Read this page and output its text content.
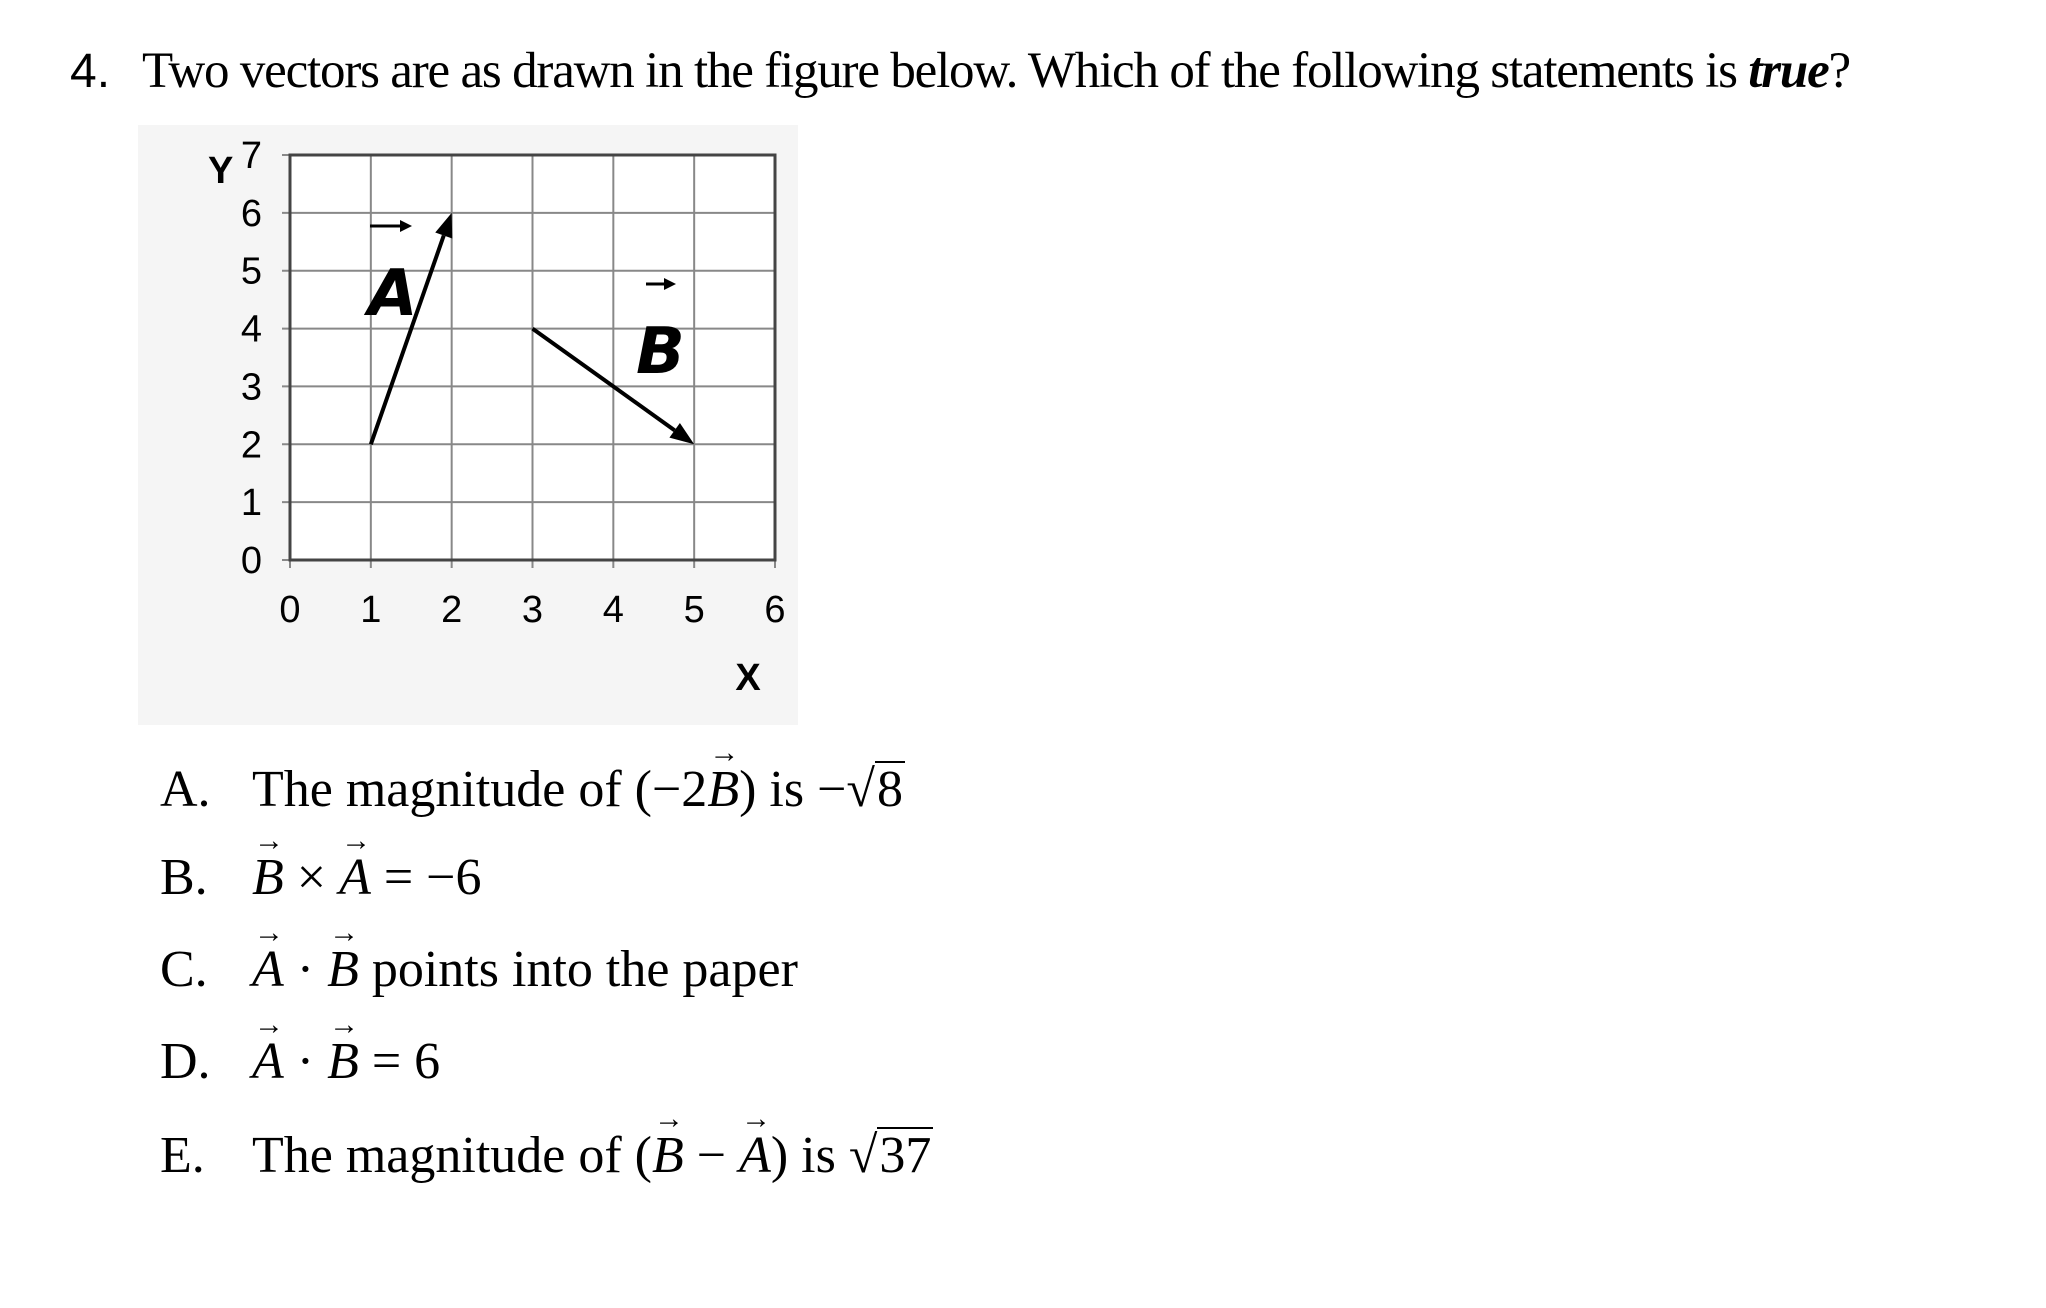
4. Two vectors are as drawn in the figure below. Which of the following statements is true?
0 1 2 3 4 5 6
0
1
2
3
4
5
6
7
Y
X
A
B
A. The magnitude of (−2→ B) is −√8
B. → B × → A = −6
C. → A · → B points into the paper
D. → A · → B = 6
E. The magnitude of (→ B − → A) is √37
